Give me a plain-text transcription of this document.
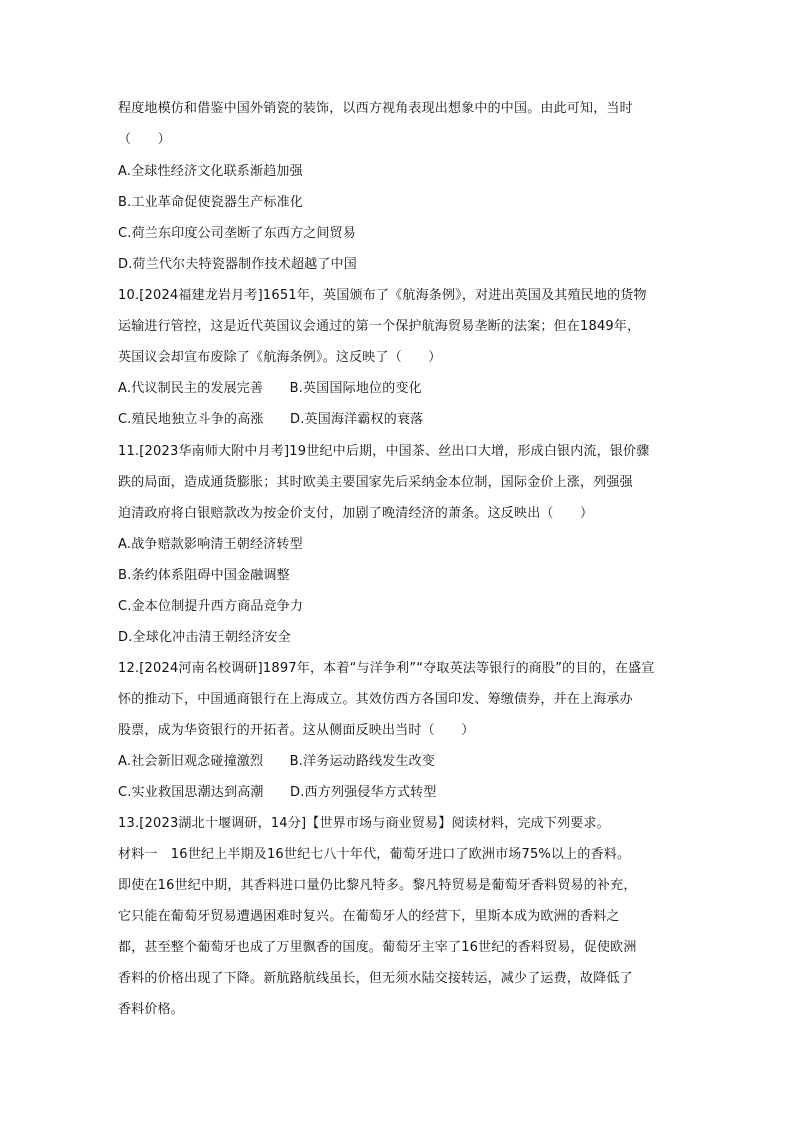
程度地模仿和借鉴中国外销瓷的装饰，以西方视角表现出想象中的中国。由此可知，当时
（　　）
A.全球性经济文化联系渐趋加强
B.工业革命促使瓷器生产标准化
C.荷兰东印度公司垄断了东西方之间贸易
D.荷兰代尔夫特瓷器制作技术超越了中国
10.[2024福建龙岩月考]1651年，英国颁布了《航海条例》，对进出英国及其殖民地的货物
运输进行管控，这是近代英国议会通过的第一个保护航海贸易垄断的法案；但在1849年，
英国议会却宣布废除了《航海条例》。这反映了（　　）
A.代议制民主的发展完善　　B.英国国际地位的变化
C.殖民地独立斗争的高涨　　D.英国海洋霸权的衰落
11.[2023华南师大附中月考]19世纪中后期，中国茶、丝出口大增，形成白银内流，银价骤
跌的局面，造成通货膨胀；其时欧美主要国家先后采纳金本位制，国际金价上涨，列强强
迫清政府将白银赔款改为按金价支付，加剧了晚清经济的萧条。这反映出（　　）
A.战争赔款影响清王朝经济转型
B.条约体系阻碍中国金融调整
C.金本位制提升西方商品竞争力
D.全球化冲击清王朝经济安全
12.[2024河南名校调研]1897年，本着“与洋争利”“夺取英法等银行的商股”的目的，在盛宣
怀的推动下，中国通商银行在上海成立。其效仿西方各国印发、筹缴债券，并在上海承办
股票，成为华资银行的开拓者。这从侧面反映出当时（　　）
A.社会新旧观念碰撞激烈　　B.洋务运动路线发生改变
C.实业救国思潮达到高潮　　D.西方列强侵华方式转型
13.[2023湖北十堰调研，14分]【世界市场与商业贸易】阅读材料，完成下列要求。
材料一　16世纪上半期及16世纪七八十年代，葡萄牙进口了欧洲市场75%以上的香料。
即使在16世纪中期，其香料进口量仍比黎凡特多。黎凡特贸易是葡萄牙香料贸易的补充，
它只能在葡萄牙贸易遭遇困难时复兴。在葡萄牙人的经营下，里斯本成为欧洲的香料之
都，甚至整个葡萄牙也成了万里飘香的国度。葡萄牙主宰了16世纪的香料贸易，促使欧洲
香料的价格出现了下降。新航路航线虽长，但无须水陆交接转运，减少了运费，故降低了
香料价格。
